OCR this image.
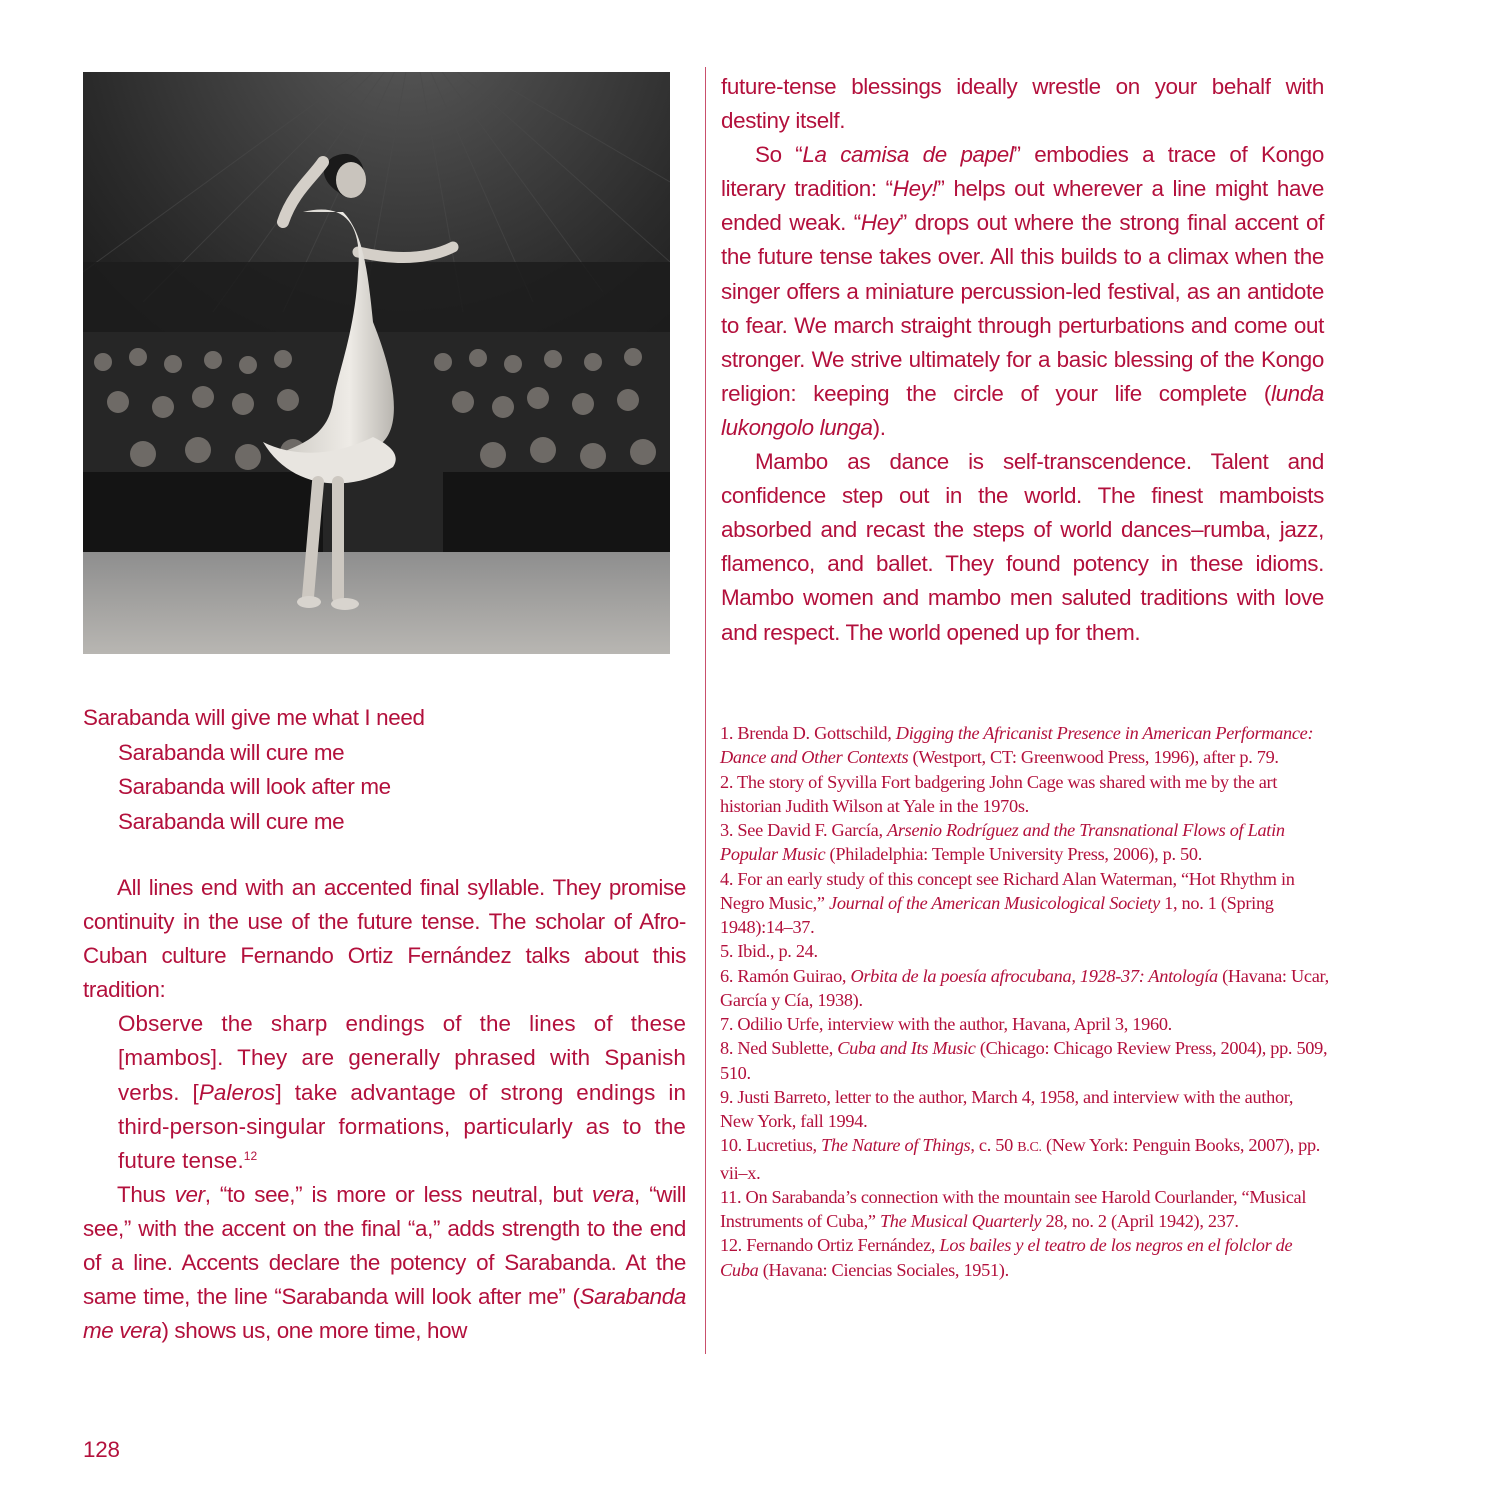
future-tense blessings ideally wrestle on your behalf with destiny itself.

So “La camisa de papel” embodies a trace of Kongo literary tradition: “Hey!” helps out wherever a line might have ended weak. “Hey” drops out where the strong final accent of the future tense takes over. All this builds to a climax when the singer offers a miniature percussion-led festival, as an antidote to fear. We march straight through perturbations and come out stronger. We strive ultimately for a basic blessing of the Kongo religion: keeping the circle of your life complete (lunda lukongolo lunga).

Mambo as dance is self-transcendence. Talent and confidence step out in the world. The finest mamboists absorbed and recast the steps of world dances–rumba, jazz, flamenco, and ballet. They found potency in these idioms. Mambo women and mambo men saluted traditions with love and respect. The world opened up for them.

Sarabanda will give me what I need
Sarabanda will cure me
Sarabanda will look after me
Sarabanda will cure me

All lines end with an accented final syllable. They promise continuity in the use of the future tense. The scholar of Afro-Cuban culture Fernando Ortiz Fernández talks about this tradition:

Observe the sharp endings of the lines of these [mambos]. They are generally phrased with Spanish verbs. [Paleros] take advantage of strong endings in third-person-singular formations, particularly as to the future tense.$^{12}$

Thus ver, “to see,” is more or less neutral, but vera, “will see,” with the accent on the final “a,” adds strength to the end of a line. Accents declare the potency of Sarabanda. At the same time, the line “Sarabanda will look after me” (Sarabanda me vera) shows us, one more time, how

1. Brenda D. Gottschild, Digging the Africanist Presence in American Performance: Dance and Other Contexts (Westport, CT: Greenwood Press, 1996), after p. 79.
2. The story of Syvilla Fort badgering John Cage was shared with me by the art historian Judith Wilson at Yale in the 1970s.
3. See David F. García, Arsenio Rodríguez and the Transnational Flows of Latin Popular Music (Philadelphia: Temple University Press, 2006), p. 50.
4. For an early study of this concept see Richard Alan Waterman, “Hot Rhythm in Negro Music,” Journal of the American Musicological Society 1, no. 1 (Spring 1948):14–37.
5. Ibid., p. 24.
6. Ramón Guirao, Orbita de la poesía afrocubana, 1928-37: Antología (Havana: Ucar, García y Cía, 1938).
7. Odilio Urfe, interview with the author, Havana, April 3, 1960.
8. Ned Sublette, Cuba and Its Music (Chicago: Chicago Review Press, 2004), pp. 509, 510.
9. Justi Barreto, letter to the author, March 4, 1958, and interview with the author, New York, fall 1994.
10. Lucretius, The Nature of Things, c. 50 B.C. (New York: Penguin Books, 2007), pp. vii–x.
11. On Sarabanda’s connection with the mountain see Harold Courlander, “Musical Instruments of Cuba,” The Musical Quarterly 28, no. 2 (April 1942), 237.
12. Fernando Ortiz Fernández, Los bailes y el teatro de los negros en el folclor de Cuba (Havana: Ciencias Sociales, 1951).
128
